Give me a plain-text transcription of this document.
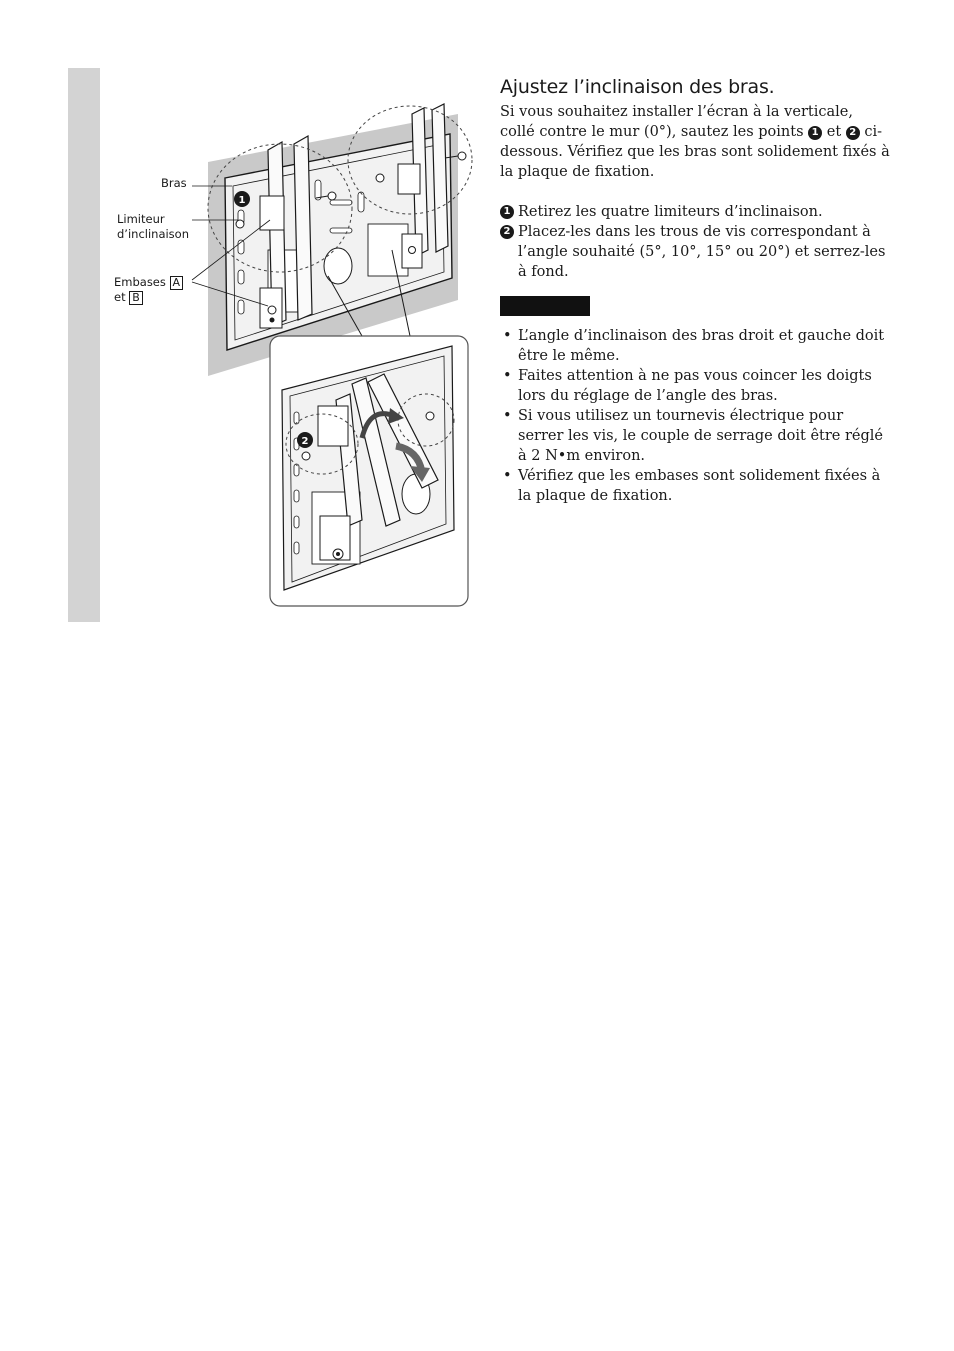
1
2
Bras
Limiteur
d’inclinaison
Embases A
et B
Ajustez l’inclinaison des bras.

Si vous souhaitez installer l’écran à la verticale, collé contre le mur (0°), sautez les points 1 et 2 ci-dessous. Vérifiez que les bras sont solidement fixés à la plaque de fixation.

1 Retirez les quatre limiteurs d’inclinaison.
2 Placez-les dans les trous de vis correspondant à l’angle souhaité (5°, 10°, 15° ou 20°) et serrez-les à fond.
• L’angle d’inclinaison des bras droit et gauche doit être le même.
• Faites attention à ne pas vous coincer les doigts lors du réglage de l’angle des bras.
• Si vous utilisez un tournevis électrique pour serrer les vis, le couple de serrage doit être réglé à 2 N•m environ.
• Vérifiez que les embases sont solidement fixées à la plaque de fixation.
